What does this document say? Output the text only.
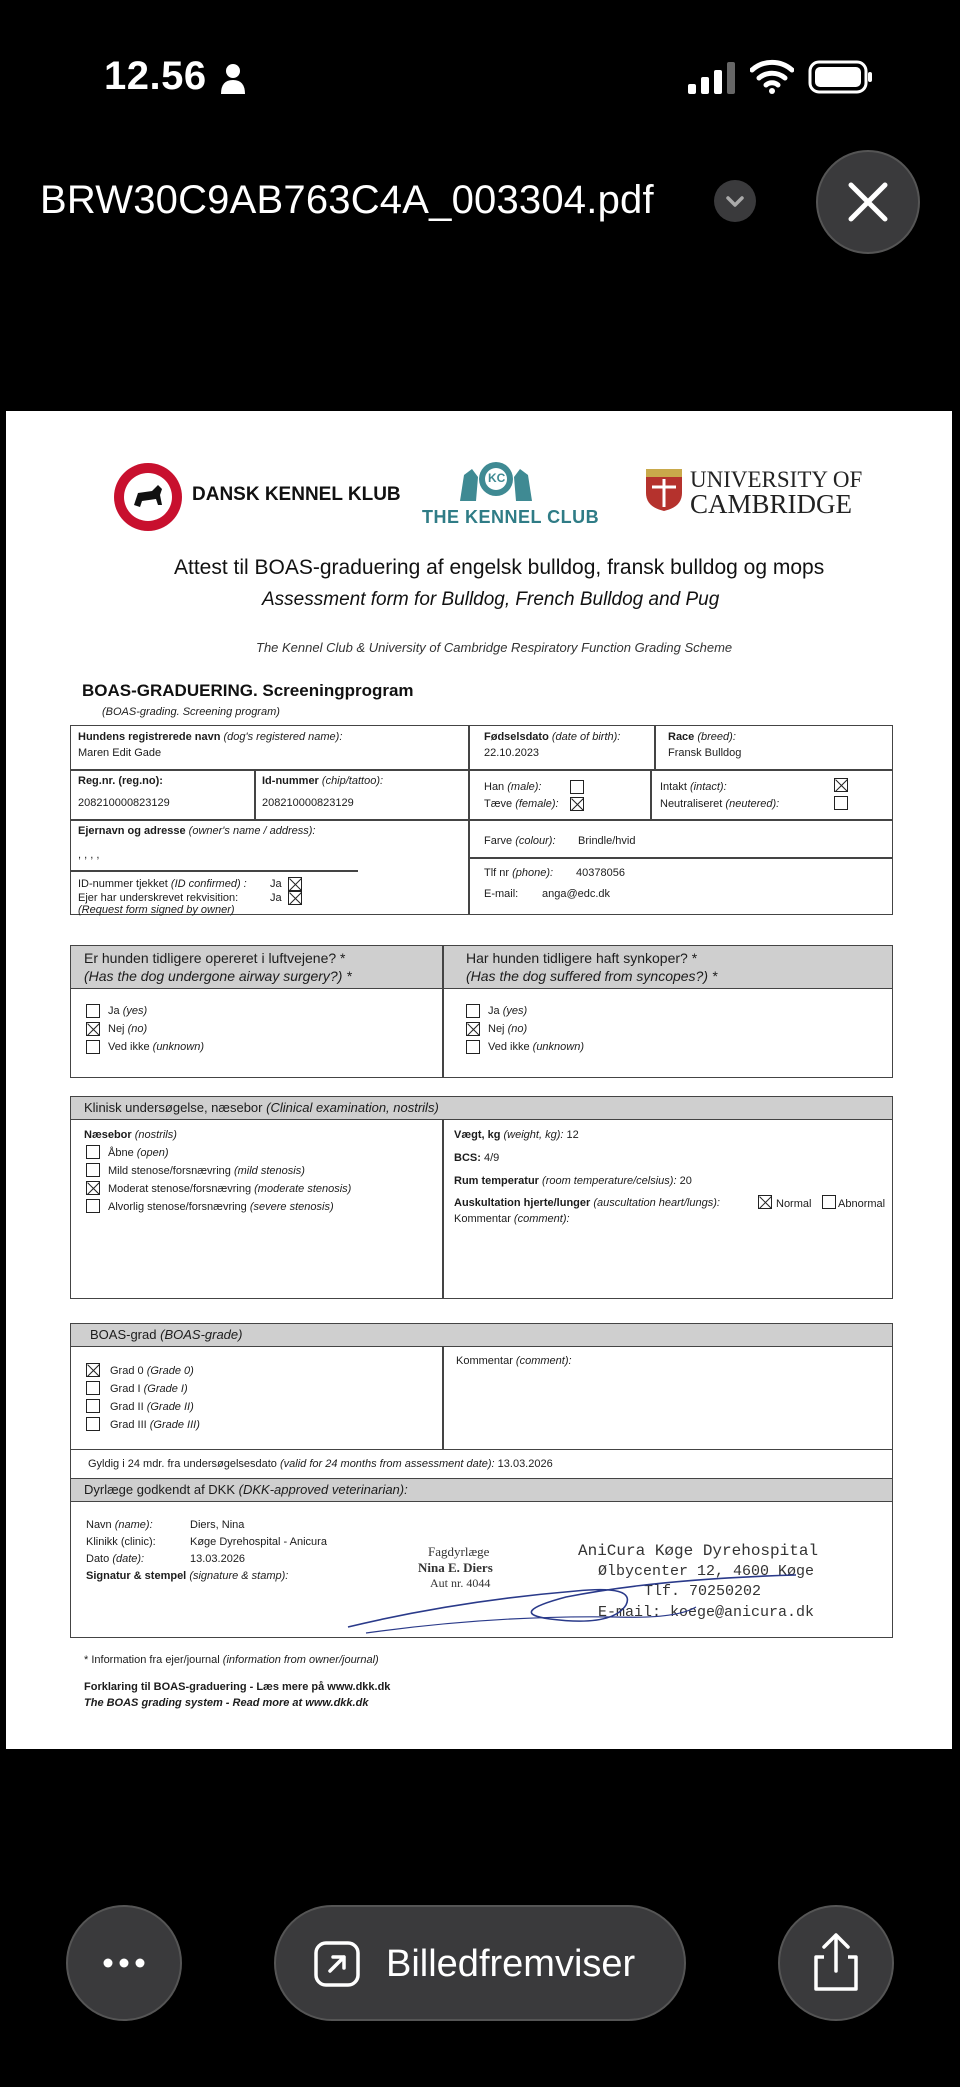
12.56
BRW30C9AB763C4A_003304.pdf
DANSK KENNEL KLUB
KC
THE KENNEL CLUB
UNIVERSITY OF
CAMBRIDGE
Attest til BOAS-graduering af engelsk bulldog, fransk bulldog og mops
Assessment form for Bulldog, French Bulldog and Pug
The Kennel Club & University of Cambridge Respiratory Function Grading Scheme
BOAS-GRADUERING. Screeningprogram
(BOAS-grading. Screening program)
Hundens registrerede navn (dog's registered name):
Maren Edit Gade
Fødselsdato (date of birth):
22.10.2023
Race (breed):
Fransk Bulldog
Reg.nr. (reg.no):
208210000823129
Id-nummer (chip/tattoo):
208210000823129
Han (male):
Tæve (female):
Intakt (intact):
Neutraliseret (neutered):
Ejernavn og adresse (owner's name / address):
, , , ,
Farve (colour): Brindle/hvid
ID-nummer tjekket (ID confirmed) : Ja
Ejer har underskrevet rekvisition:	Ja
(Request form signed by owner)
Tlf nr (phone): 40378056
E-mail: anga@edc.dk
Er hunden tidligere opereret i luftvejene? *
(Has the dog undergone airway surgery?) *
Har hunden tidligere haft synkoper? *
(Has the dog suffered from syncopes?) *
Ja (yes)
Nej (no)
Ved ikke (unknown)
Ja (yes)
Nej (no)
Ved ikke (unknown)
Klinisk undersøgelse, næsebor (Clinical examination, nostrils)
Næsebor (nostrils)
Åbne (open)
Mild stenose/forsnævring (mild stenosis)
Moderat stenose/forsnævring (moderate stenosis)
Alvorlig stenose/forsnævring (severe stenosis)
Vægt, kg (weight, kg): 12
BCS: 4/9
Rum temperatur (room temperature/celsius): 20
Auskultation hjerte/lunger (auscultation heart/lungs):	Normal Abnormal
Kommentar (comment):
BOAS-grad (BOAS-grade)
Grad 0 (Grade 0)
Grad I (Grade I)
Grad II (Grade II)
Grad III (Grade III)
Kommentar (comment):
Gyldig i 24 mdr. fra undersøgelsesdato (valid for 24 months from assessment date): 13.03.2026
Dyrlæge godkendt af DKK (DKK-approved veterinarian):
Navn (name):	Diers, Nina
Klinikk (clinic):	Køge Dyrehospital - Anicura
Dato (date):	13.03.2026
Signatur & stempel (signature & stamp):
Fagdyrlæge
Nina E. Diers
Aut nr. 4044
AniCura Køge Dyrehospital
Ølbycenter 12, 4600 Køge
Tlf. 70250202
E-mail: koege@anicura.dk
* Information fra ejer/journal (information from owner/journal)
Forklaring til BOAS-graduering - Læs mere på www.dkk.dk
The BOAS grading system - Read more at www.dkk.dk
Billedfremviser
